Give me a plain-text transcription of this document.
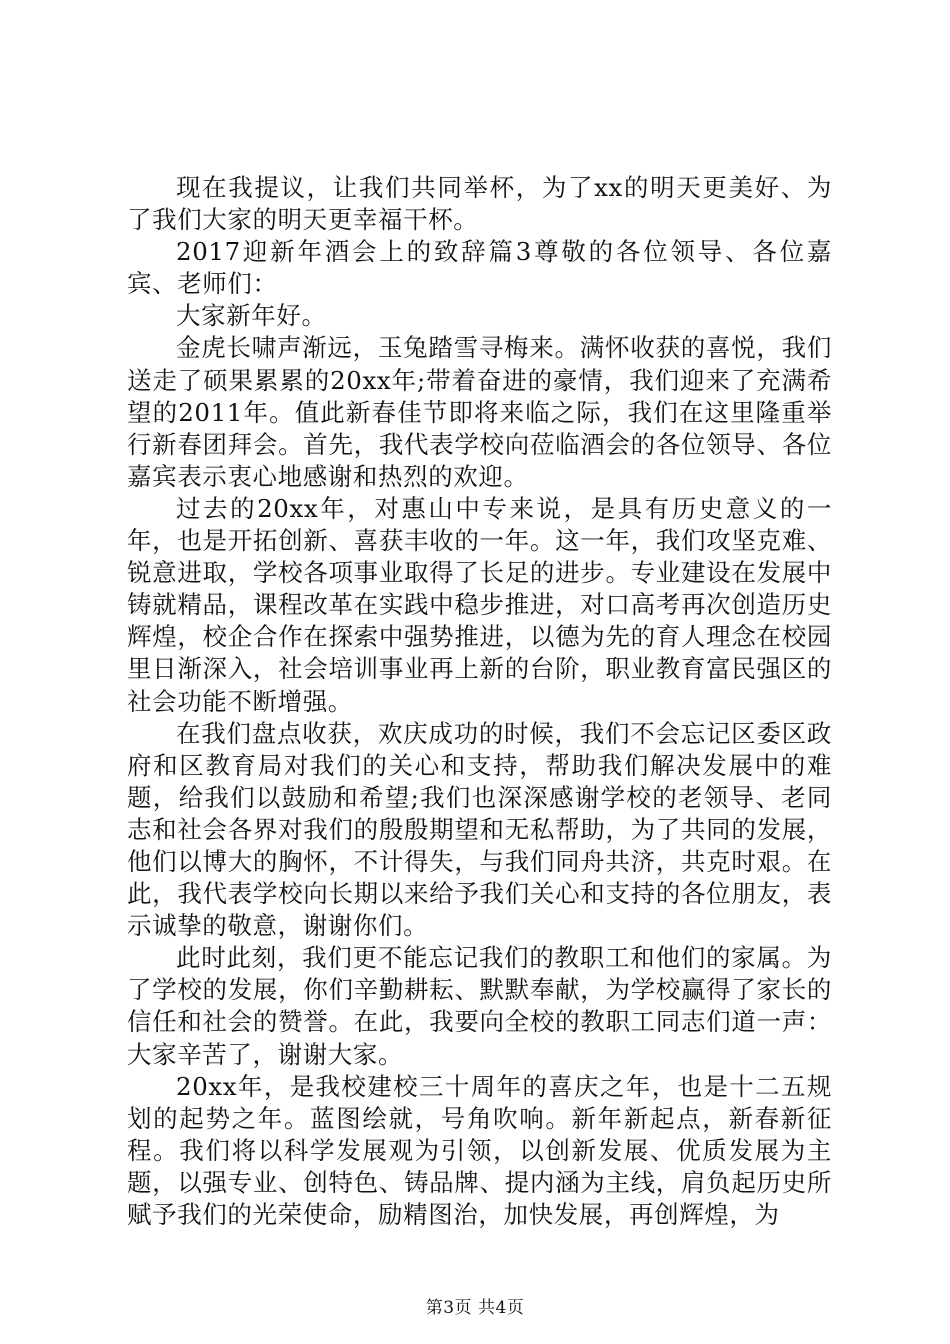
现在我提议，让我们共同举杯，为了xx的明天更美好、为了我们大家的明天更幸福干杯。

2017迎新年酒会上的致辞篇3尊敬的各位领导、各位嘉宾、老师们：

大家新年好。

金虎长啸声渐远，玉兔踏雪寻梅来。满怀收获的喜悦，我们送走了硕果累累的20xx年;带着奋进的豪情，我们迎来了充满希望的2011年。值此新春佳节即将来临之际，我们在这里隆重举行新春团拜会。首先，我代表学校向莅临酒会的各位领导、各位嘉宾表示衷心地感谢和热烈的欢迎。

过去的20xx年，对惠山中专来说，是具有历史意义的一年，也是开拓创新、喜获丰收的一年。这一年，我们攻坚克难、锐意进取，学校各项事业取得了长足的进步。专业建设在发展中铸就精品，课程改革在实践中稳步推进，对口高考再次创造历史辉煌，校企合作在探索中强势推进，以德为先的育人理念在校园里日渐深入，社会培训事业再上新的台阶，职业教育富民强区的社会功能不断增强。

在我们盘点收获，欢庆成功的时候，我们不会忘记区委区政府和区教育局对我们的关心和支持，帮助我们解决发展中的难题，给我们以鼓励和希望;我们也深深感谢学校的老领导、老同志和社会各界对我们的殷殷期望和无私帮助，为了共同的发展，他们以博大的胸怀，不计得失，与我们同舟共济，共克时艰。在此，我代表学校向长期以来给予我们关心和支持的各位朋友，表示诚挚的敬意，谢谢你们。

此时此刻，我们更不能忘记我们的教职工和他们的家属。为了学校的发展，你们辛勤耕耘、默默奉献，为学校赢得了家长的信任和社会的赞誉。在此，我要向全校的教职工同志们道一声：大家辛苦了，谢谢大家。

20xx年，是我校建校三十周年的喜庆之年，也是十二五规划的起势之年。蓝图绘就，号角吹响。新年新起点，新春新征程。我们将以科学发展观为引领，以创新发展、优质发展为主题，以强专业、创特色、铸品牌、提内涵为主线，肩负起历史所赋予我们的光荣使命，励精图治，加快发展，再创辉煌，为

第3页 共4页
